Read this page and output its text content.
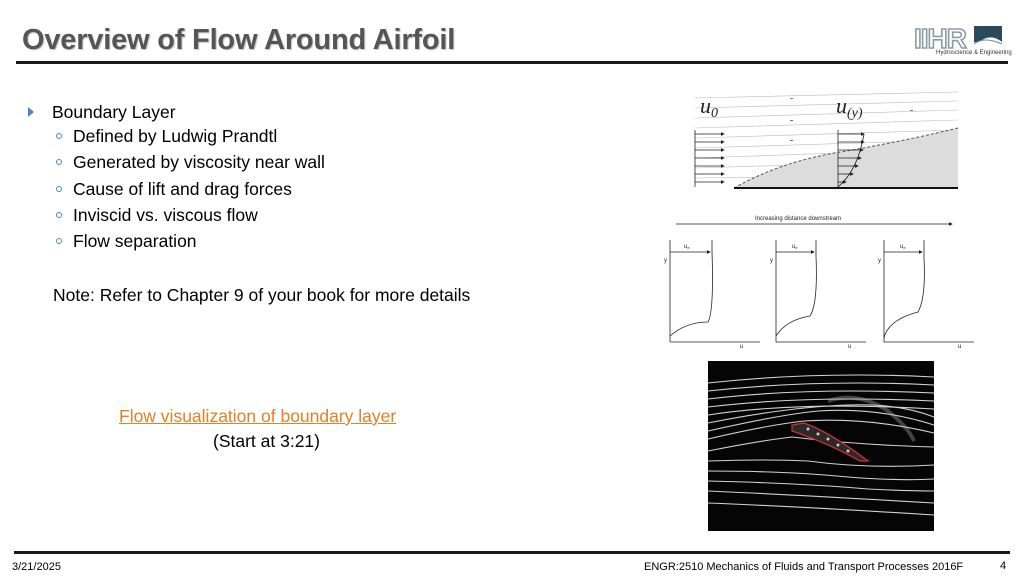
Overview of Flow Around Airfoil	IIHR
Hydroscience & Engineering
Boundary Layer
Defined by Ludwig Prandtl
Generated by viscosity near wall
Cause of lift and drag forces
Inviscid vs. viscous flow
Flow separation
Note: Refer to Chapter 9 of your book for more details
Flow visualization of boundary layer
(Start at 3:21)
u0	u(y)
Increasing distance downstream
y
u
ue
y
u
ue
y
u
ue
3/21/2025	ENGR:2510 Mechanics of Fluids and Transport Processes 2016F	4
